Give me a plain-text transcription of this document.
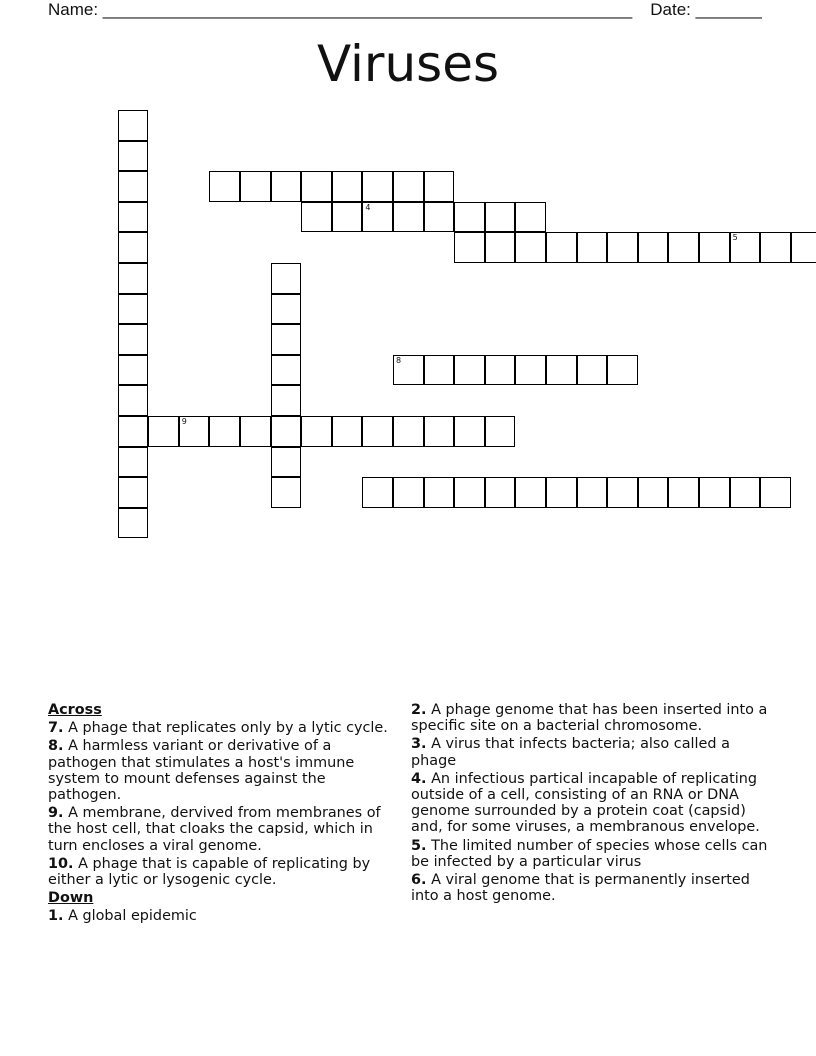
Name: ________________________________________________________ Date: _______
Viruses
4
5
8
9
Across
7. A phage that replicates only by a lytic cycle.
8. A harmless variant or derivative of a pathogen that stimulates a host's immune system to mount defenses against the pathogen.
9. A membrane, dervived from membranes of the host cell, that cloaks the capsid, which in turn encloses a viral genome.
10. A phage that is capable of replicating by either a lytic or lysogenic cycle.
Down
1. A global epidemic
2. A phage genome that has been inserted into a specific site on a bacterial chromosome.
3. A virus that infects bacteria; also called a phage
4. An infectious partical incapable of replicating outside of a cell, consisting of an RNA or DNA genome surrounded by a protein coat (capsid) and, for some viruses, a membranous envelope.
5. The limited number of species whose cells can be infected by a particular virus
6. A viral genome that is permanently inserted into a host genome.
